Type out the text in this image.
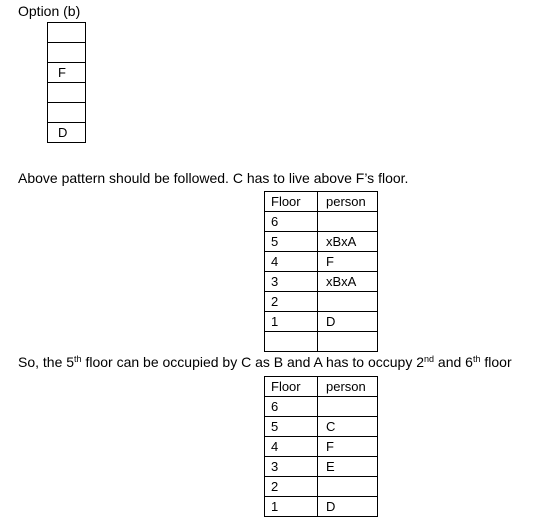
Option (b)

F

D
Above pattern should be followed. C has to live above F’s floor.
Floor	person
6	
5	xBxA
4	F
3	xBxA
2	
1	D

So, the 5th floor can be occupied by C as B and A has to occupy 2nd and 6th floor
Floor	person
6	
5	C
4	F
3	E
2	
1	D
